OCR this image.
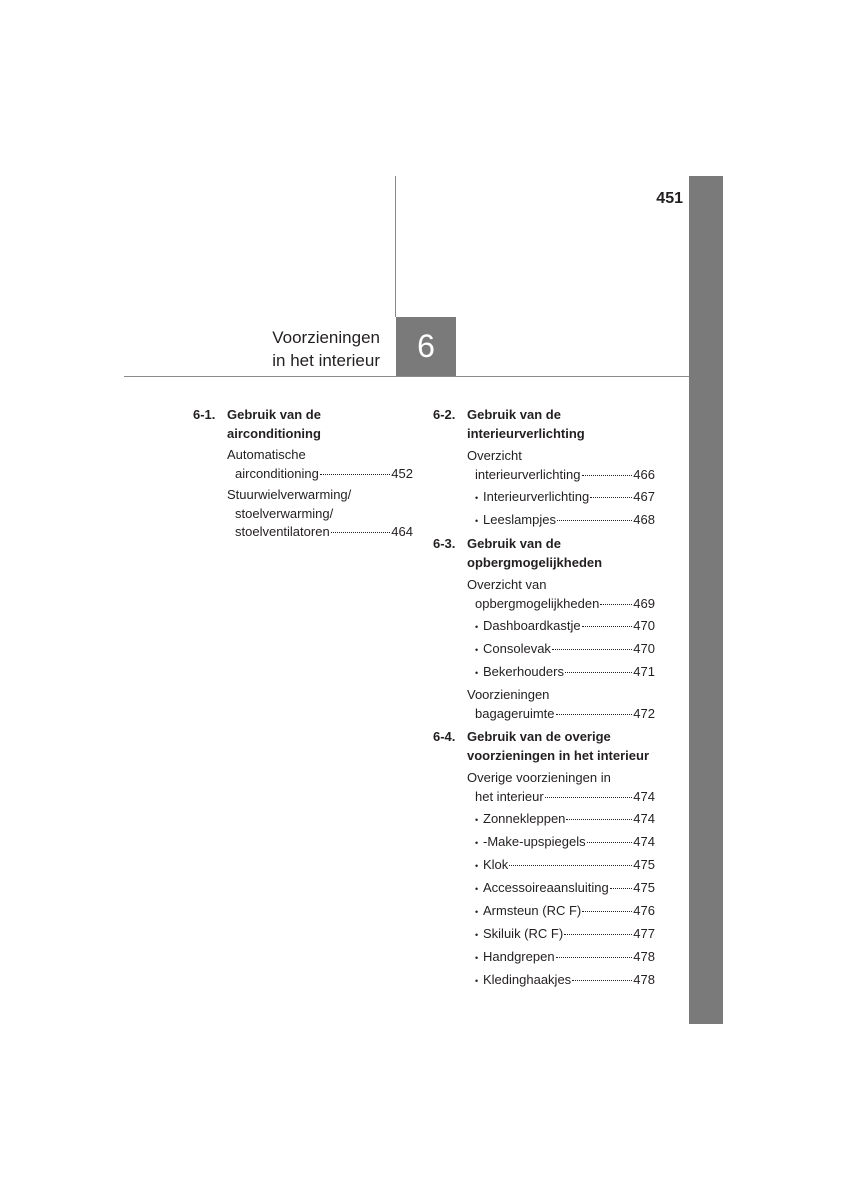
451
Voorzieningen
in het interieur 6
6-1. Gebruik van de airconditioning
Automatische
airconditioning	452
Stuurwielverwarming/
stoelverwarming/
stoelventilatoren	464
6-2. Gebruik van de
interieurverlichting
Overzicht
interieurverlichting	466
• Interieurverlichting	467
• Leeslampjes	468
6-3. Gebruik van de
opbergmogelijkheden
Overzicht van
opbergmogelijkheden	469
• Dashboardkastje	470
• Consolevak	470
• Bekerhouders	471
Voorzieningen
bagageruimte	472
6-4. Gebruik van de overige
voorzieningen in het interieur
Overige voorzieningen in
het interieur	474
• Zonnekleppen	474
• -Make-upspiegels	474
• Klok	475
• Accessoireaansluiting 475
• Armsteun (RC F)	476
• Skiluik (RC F)	477
• Handgrepen	478
• Kledinghaakjes	478
